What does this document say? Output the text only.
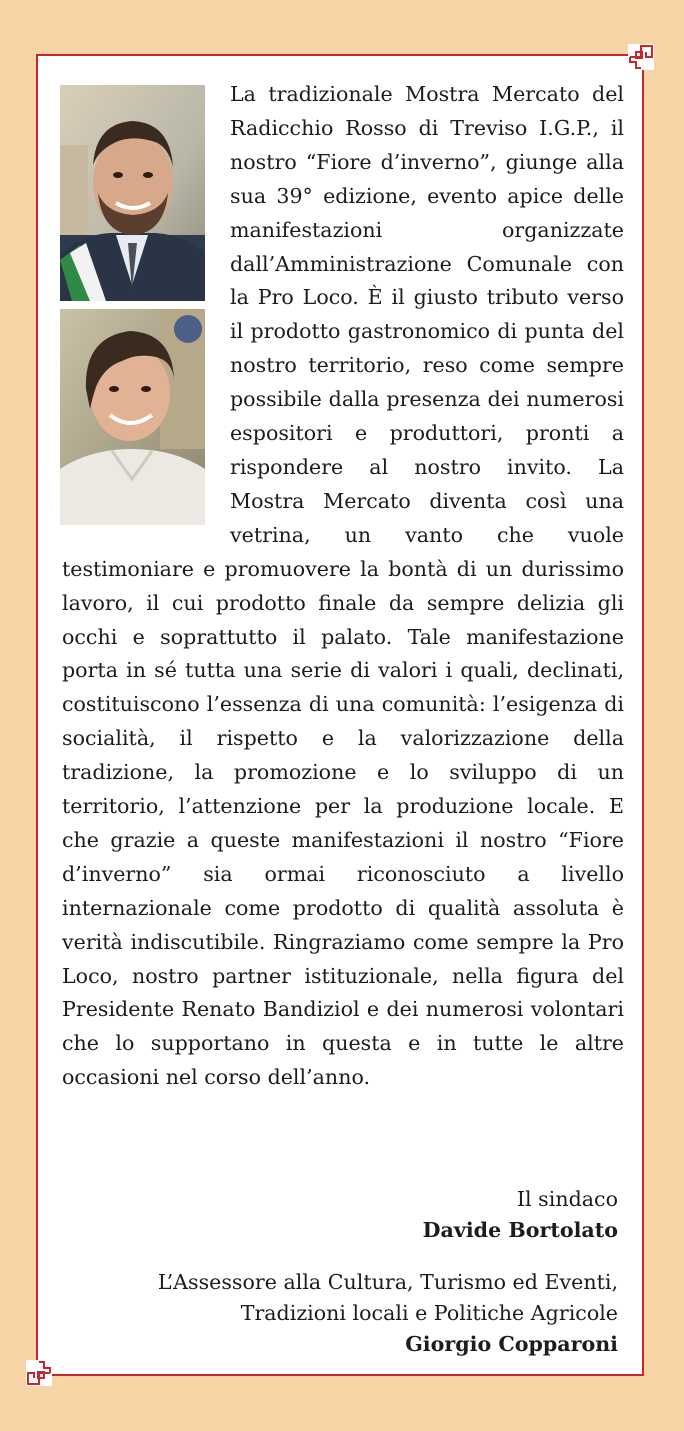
La tradizionale Mostra Mercato del Radicchio Rosso di Treviso I.G.P., il nostro “Fiore d’inverno”, giunge alla sua 39° edizione, evento apice delle manifestazioni organizzate dall’Amministrazione Comunale con la Pro Loco. È il giusto tributo verso il prodotto gastronomico di punta del nostro territorio, reso come sempre possibile dalla presenza dei numerosi espositori e produttori, pronti a rispondere al nostro invito. La Mostra Mercato diventa così una vetrina, un vanto che vuole testimoniare e promuovere la bontà di un durissimo lavoro, il cui prodotto finale da sempre delizia gli occhi e soprattutto il palato. Tale manifestazione porta in sé tutta una serie di valori i quali, declinati, costituiscono l’essenza di una comunità: l’esigenza di socialità, il rispetto e la valorizzazione della tradizione, la promozione e lo sviluppo di un territorio, l’attenzione per la produzione locale. E che grazie a queste manifestazioni il nostro “Fiore d’inverno” sia ormai riconosciuto a livello internazionale come prodotto di qualità assoluta è verità indiscutibile. Ringraziamo come sempre la Pro Loco, nostro partner istituzionale, nella figura del Presidente Renato Bandiziol e dei numerosi volontari che lo supportano in questa e in tutte le altre occasioni nel corso dell’anno.

Il sindaco
Davide Bortolato
L’Assessore alla Cultura, Turismo ed Eventi,
Tradizioni locali e Politiche Agricole
Giorgio Copparoni
